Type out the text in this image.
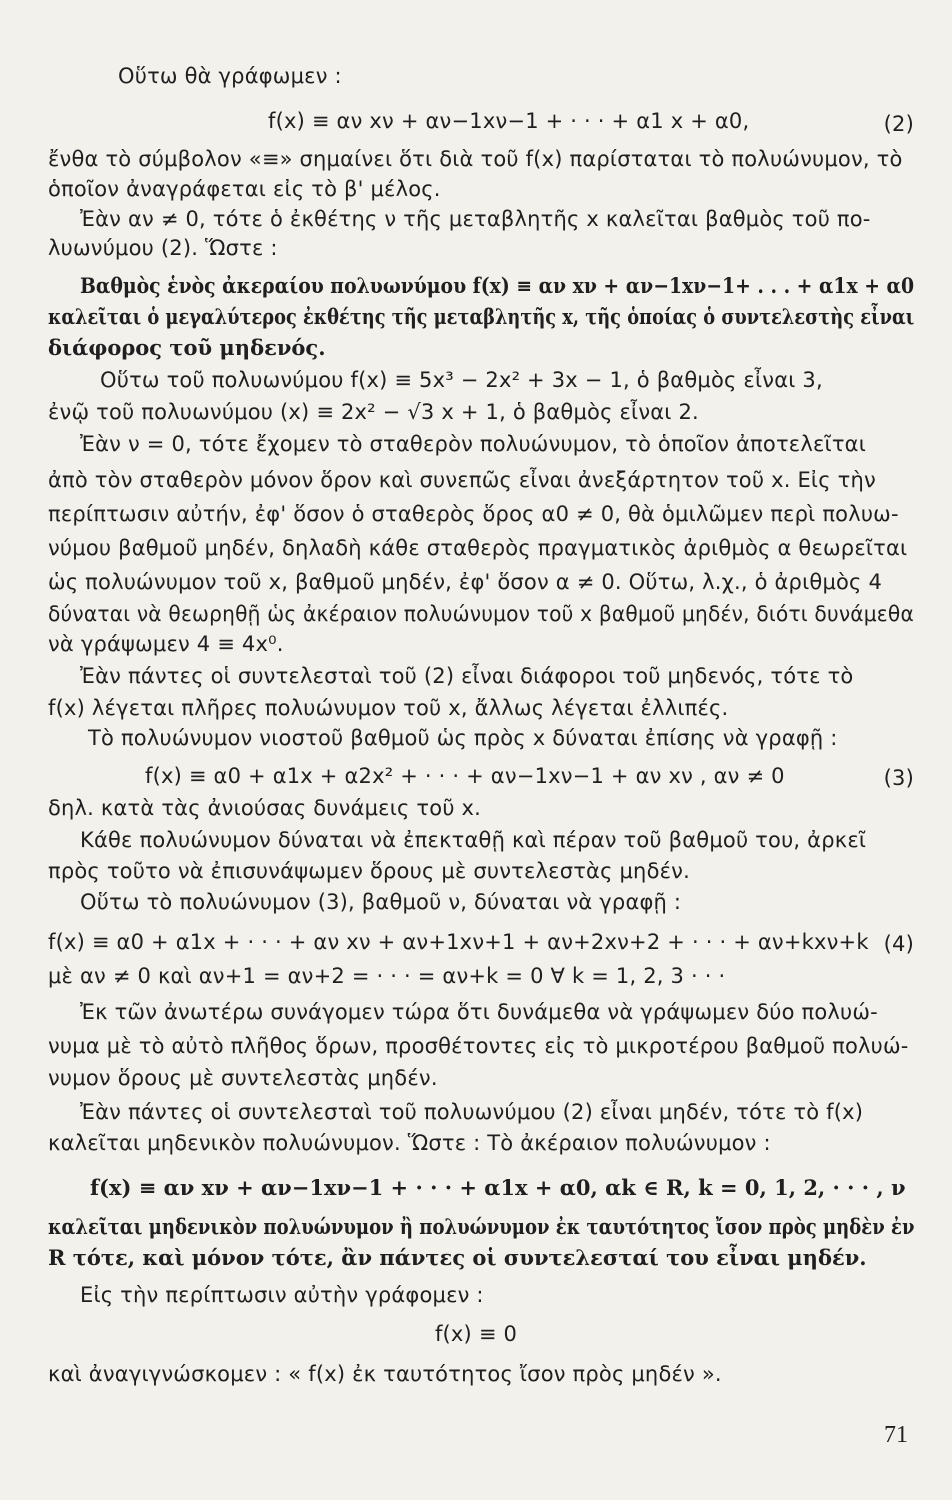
Οὕτω θὰ γράφωμεν :
f(x) ≡ αν xν + αν−1xν−1 + · · · + α1 x + α0,	(2)
ἔνθα τὸ σύμβολον «≡» σημαίνει ὅτι διὰ τοῦ f(x) παρίσταται τὸ πολυώνυμον, τὸ
ὁποῖον ἀναγράφεται εἰς τὸ β' μέλος.
Ἐὰν αν ≠ 0, τότε ὁ ἐκθέτης ν τῆς μεταβλητῆς x καλεῖται βαθμὸς τοῦ πο-
λυωνύμου (2). Ὥστε :
Βαθμὸς ἑνὸς ἀκεραίου πολυωνύμου f(x) ≡ αν xν + αν−1xν−1+ . . . + α1x + α0
καλεῖται ὁ μεγαλύτερος ἐκθέτης τῆς μεταβλητῆς x, τῆς ὁποίας ὁ συντελεστὴς εἶναι
διάφορος τοῦ μηδενός.
Οὕτω τοῦ πολυωνύμου f(x) ≡ 5x³ − 2x² + 3x − 1, ὁ βαθμὸς εἶναι 3,
ἐνῷ τοῦ πολυωνύμου (x) ≡ 2x² − √3 x + 1, ὁ βαθμὸς εἶναι 2.
Ἐὰν ν = 0, τότε ἔχομεν τὸ σταθερὸν πολυώνυμον, τὸ ὁποῖον ἀποτελεῖται
ἀπὸ τὸν σταθερὸν μόνον ὅρον καὶ συνεπῶς εἶναι ἀνεξάρτητον τοῦ x. Εἰς τὴν
περίπτωσιν αὐτήν, ἐφ' ὅσον ὁ σταθερὸς ὅρος α0 ≠ 0, θὰ ὁμιλῶμεν περὶ πολυω-
νύμου βαθμοῦ μηδέν, δηλαδὴ κάθε σταθερὸς πραγματικὸς ἀριθμὸς α θεωρεῖται
ὡς πολυώνυμον τοῦ x, βαθμοῦ μηδέν, ἐφ' ὅσον α ≠ 0. Οὕτω, λ.χ., ὁ ἀριθμὸς 4
δύναται νὰ θεωρηθῇ ὡς ἀκέραιον πολυώνυμον τοῦ x βαθμοῦ μηδέν, διότι δυνάμεθα
νὰ γράψωμεν 4 ≡ 4x⁰.
Ἐὰν πάντες οἱ συντελεσταὶ τοῦ (2) εἶναι διάφοροι τοῦ μηδενός, τότε τὸ
f(x) λέγεται πλῆρες πολυώνυμον τοῦ x, ἄλλως λέγεται ἐλλιπές.
Τὸ πολυώνυμον νιοστοῦ βαθμοῦ ὡς πρὸς x δύναται ἐπίσης νὰ γραφῇ :
f(x) ≡ α0 + α1x + α2x² + · · · + αν−1xν−1 + αν xν , αν ≠ 0	(3)
δηλ. κατὰ τὰς ἀνιούσας δυνάμεις τοῦ x.
Κάθε πολυώνυμον δύναται νὰ ἐπεκταθῇ καὶ πέραν τοῦ βαθμοῦ του, ἀρκεῖ
πρὸς τοῦτο νὰ ἐπισυνάψωμεν ὅρους μὲ συντελεστὰς μηδέν.
Οὕτω τὸ πολυώνυμον (3), βαθμοῦ ν, δύναται νὰ γραφῇ :
f(x) ≡ α0 + α1x + · · · + αν xν + αν+1xν+1 + αν+2xν+2 + · · · + αν+kxν+k (4)
μὲ αν ≠ 0 καὶ αν+1 = αν+2 = · · · = αν+k = 0 ∀ k = 1, 2, 3 · · ·
Ἐκ τῶν ἀνωτέρω συνάγομεν τώρα ὅτι δυνάμεθα νὰ γράψωμεν δύο πολυώ-
νυμα μὲ τὸ αὐτὸ πλῆθος ὅρων, προσθέτοντες εἰς τὸ μικροτέρου βαθμοῦ πολυώ-
νυμον ὅρους μὲ συντελεστὰς μηδέν.
Ἐὰν πάντες οἱ συντελεσταὶ τοῦ πολυωνύμου (2) εἶναι μηδέν, τότε τὸ f(x)
καλεῖται μηδενικὸν πολυώνυμον. Ὥστε : Τὸ ἀκέραιον πολυώνυμον :
f(x) ≡ αν xν + αν−1xν−1 + · · · + α1x + α0, αk ∈ R, k = 0, 1, 2, · · · , ν
καλεῖται μηδενικὸν πολυώνυμον ἢ πολυώνυμον ἐκ ταυτότητος ἴσον πρὸς μηδὲν ἐν
R τότε, καὶ μόνον τότε, ἂν πάντες οἱ συντελεσταί του εἶναι μηδέν.
Εἰς τὴν περίπτωσιν αὐτὴν γράφομεν :
f(x) ≡ 0
καὶ ἀναγιγνώσκομεν : « f(x) ἐκ ταυτότητος ἴσον πρὸς μηδέν ».
71
